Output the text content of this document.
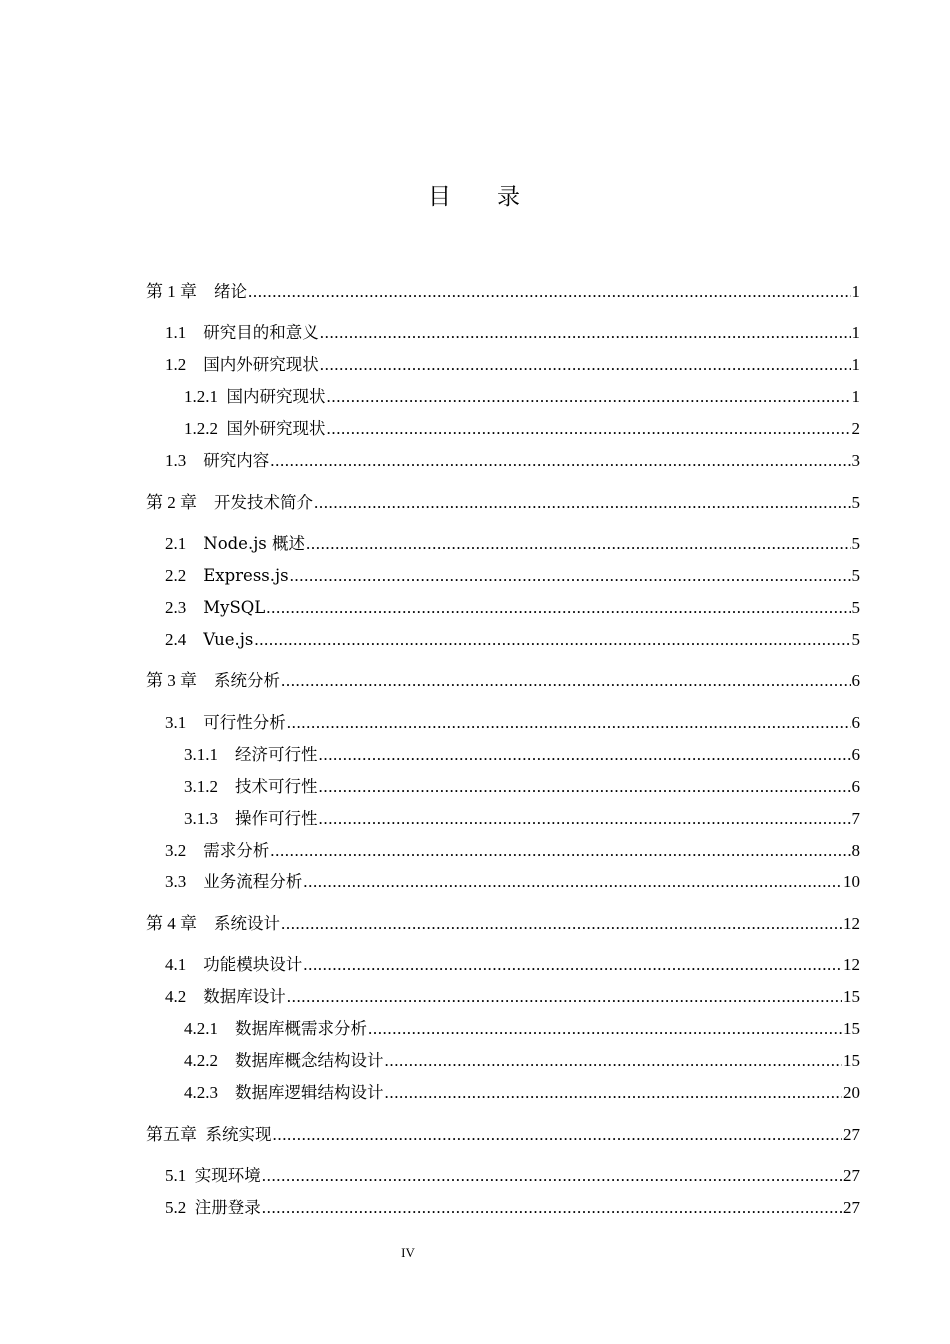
目 录
第 1 章 绪论 .....	1
1.1 研究目的和意义 .....	1
1.2 国内外研究现状 .....	1
1.2.1 国内研究现状 .....	1
1.2.2 国外研究现状 .....	2
1.3 研究内容 .....	3
第 2 章 开发技术简介 .....	5
2.1 Node.js 概述 .....	5
2.2 Express.js .....	5
2.3 MySQL .....	5
2.4 Vue.js .....	5
第 3 章 系统分析 .....	6
3.1 可行性分析 .....	6
3.1.1 经济可行性 .....	6
3.1.2 技术可行性 .....	6
3.1.3 操作可行性 .....	7
3.2 需求分析 .....	8
3.3 业务流程分析 .....	10
第 4 章 系统设计 .....	12
4.1 功能模块设计 .....	12
4.2 数据库设计 .....	15
4.2.1 数据库概需求分析 .....	15
4.2.2 数据库概念结构设计 .....	15
4.2.3 数据库逻辑结构设计 .....	20
第五章 系统实现 .....	27
5.1 实现环境 .....	27
5.2 注册登录 .....	27
IV
